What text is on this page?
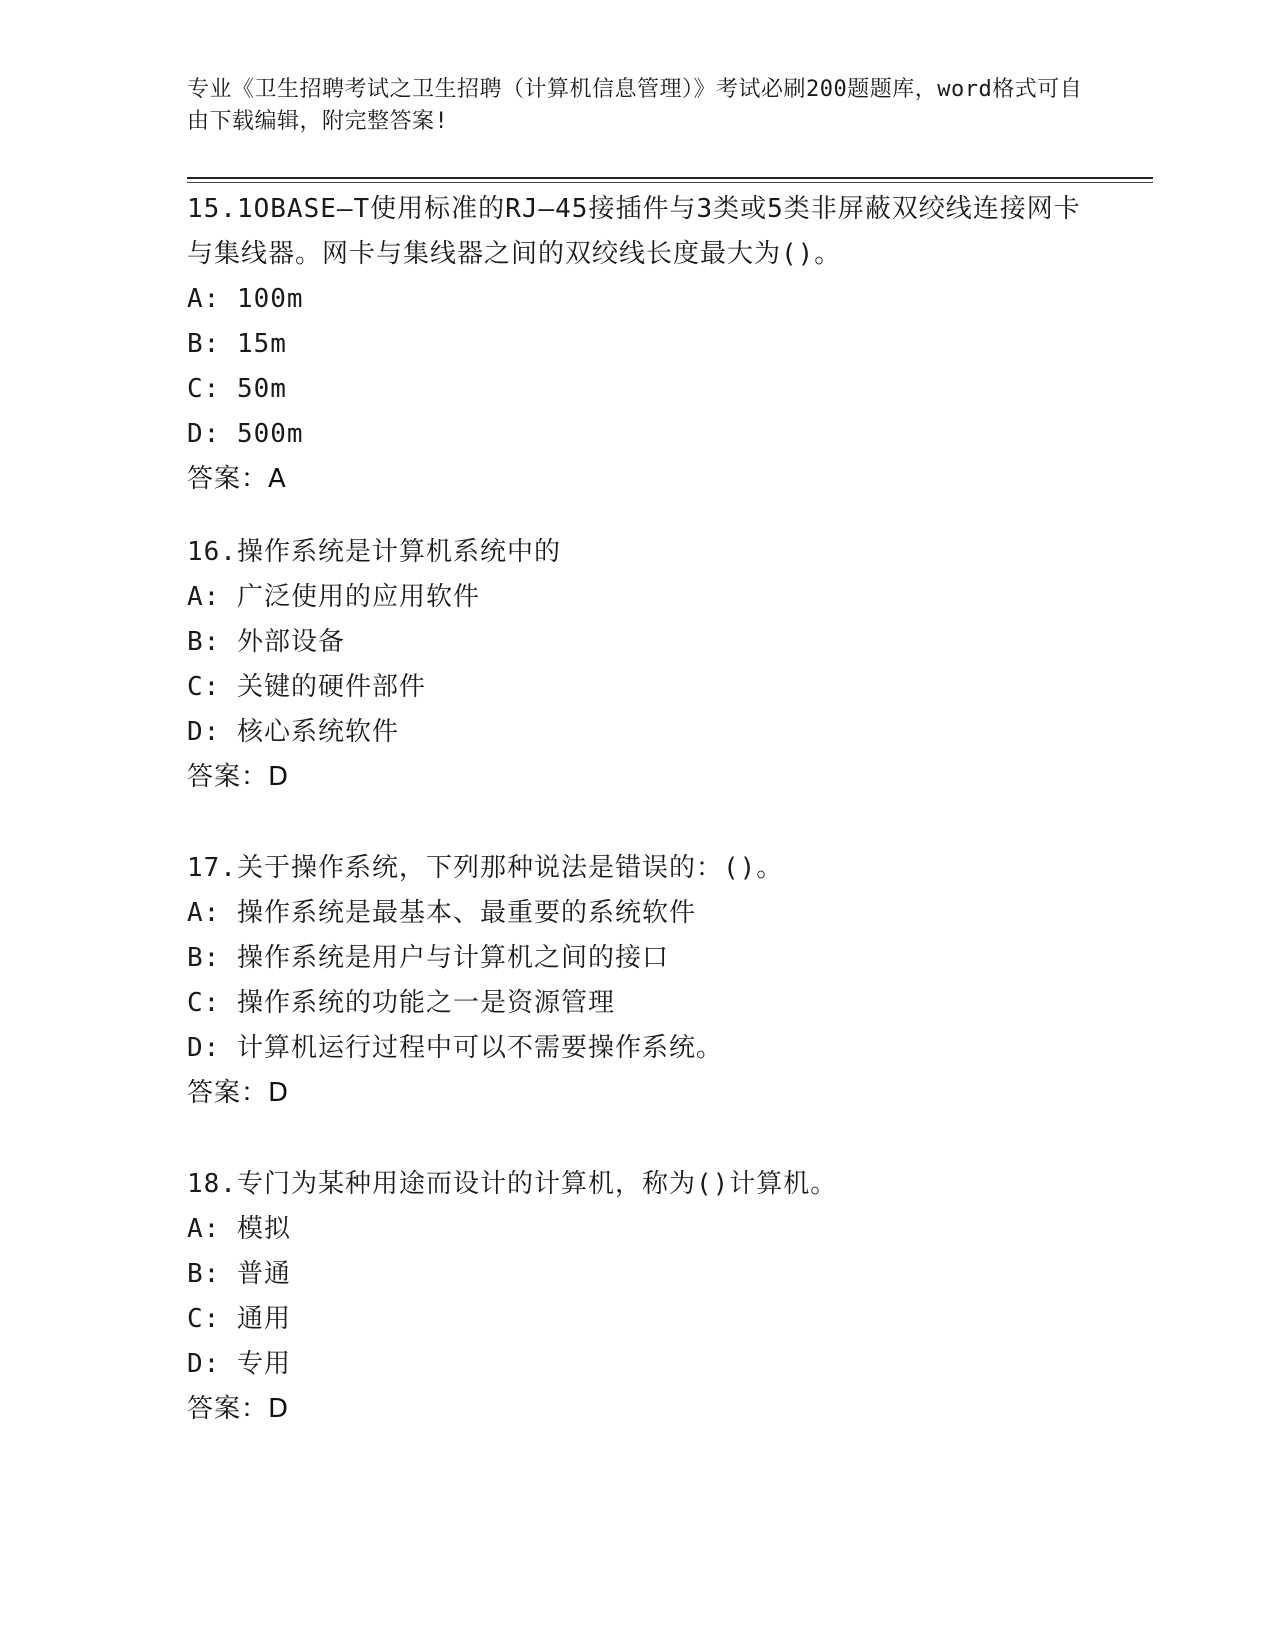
专业《卫生招聘考试之卫生招聘（计算机信息管理）》考试必刷200题题库，word格式可自由下载编辑，附完整答案!

15.1OBASE—T使用标准的RJ—45接插件与3类或5类非屏蔽双绞线连接网卡与集线器。网卡与集线器之间的双绞线长度最大为()。

A: 100m

B: 15m

C: 50m

D: 500m

答案：A

16.操作系统是计算机系统中的

A: 广泛使用的应用软件

B: 外部设备

C: 关键的硬件部件

D: 核心系统软件

答案：D

17.关于操作系统，下列那种说法是错误的：()。

A: 操作系统是最基本、最重要的系统软件

B: 操作系统是用户与计算机之间的接口

C: 操作系统的功能之一是资源管理

D: 计算机运行过程中可以不需要操作系统。

答案：D

18.专门为某种用途而设计的计算机，称为()计算机。

A: 模拟

B: 普通

C: 通用

D: 专用

答案：D
